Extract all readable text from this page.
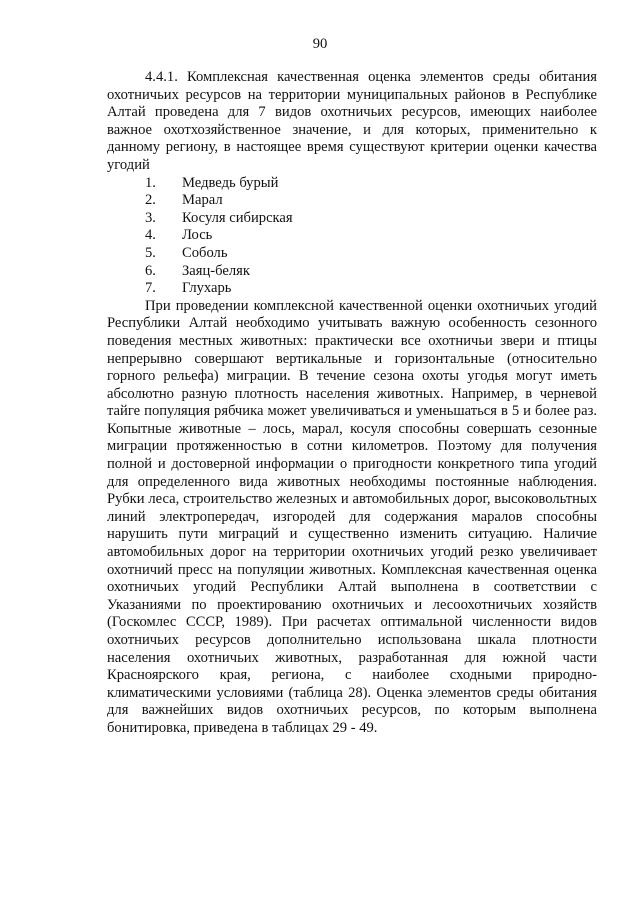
90

4.4.1. Комплексная качественная оценка элементов среды обитания охотничьих ресурсов на территории муниципальных районов в Республике Алтай проведена для 7 видов охотничьих ресурсов, имеющих наиболее важное охотхозяйственное значение, и для которых, применительно к данному региону, в настоящее время существуют критерии оценки качества угодий

1.	Медведь бурый
2.	Марал
3.	Косуля сибирская
4.	Лось
5.	Соболь
6.	Заяц-беляк
7.	Глухарь

При проведении комплексной качественной оценки охотничьих угодий Республики Алтай необходимо учитывать важную особенность сезонного поведения местных животных: практически все охотничьи звери и птицы непрерывно совершают вертикальные и горизонтальные (относительно горного рельефа) миграции. В течение сезона охоты угодья могут иметь абсолютно разную плотность населения животных. Например, в черневой тайге популяция рябчика может увеличиваться и уменьшаться в 5 и более раз. Копытные животные – лось, марал, косуля способны совершать сезонные миграции протяженностью в сотни километров. Поэтому для получения полной и достоверной информации о пригодности конкретного типа угодий для определенного вида животных необходимы постоянные наблюдения. Рубки леса, строительство железных и автомобильных дорог, высоковольтных линий электропередач, изгородей для содержания маралов способны нарушить пути миграций и существенно изменить ситуацию. Наличие автомобильных дорог на территории охотничьих угодий резко увеличивает охотничий пресс на популяции животных. Комплексная качественная оценка охотничьих угодий Республики Алтай выполнена в соответствии с Указаниями по проектированию охотничьих и лесоохотничьих хозяйств (Госкомлес СССР, 1989). При расчетах оптимальной численности видов охотничьих ресурсов дополнительно использована шкала плотности населения охотничьих животных, разработанная для южной части Красноярского края, региона, с наиболее сходными природно-климатическими условиями (таблица 28). Оценка элементов среды обитания для важнейших видов охотничьих ресурсов, по которым выполнена бонитировка, приведена в таблицах 29 - 49.
